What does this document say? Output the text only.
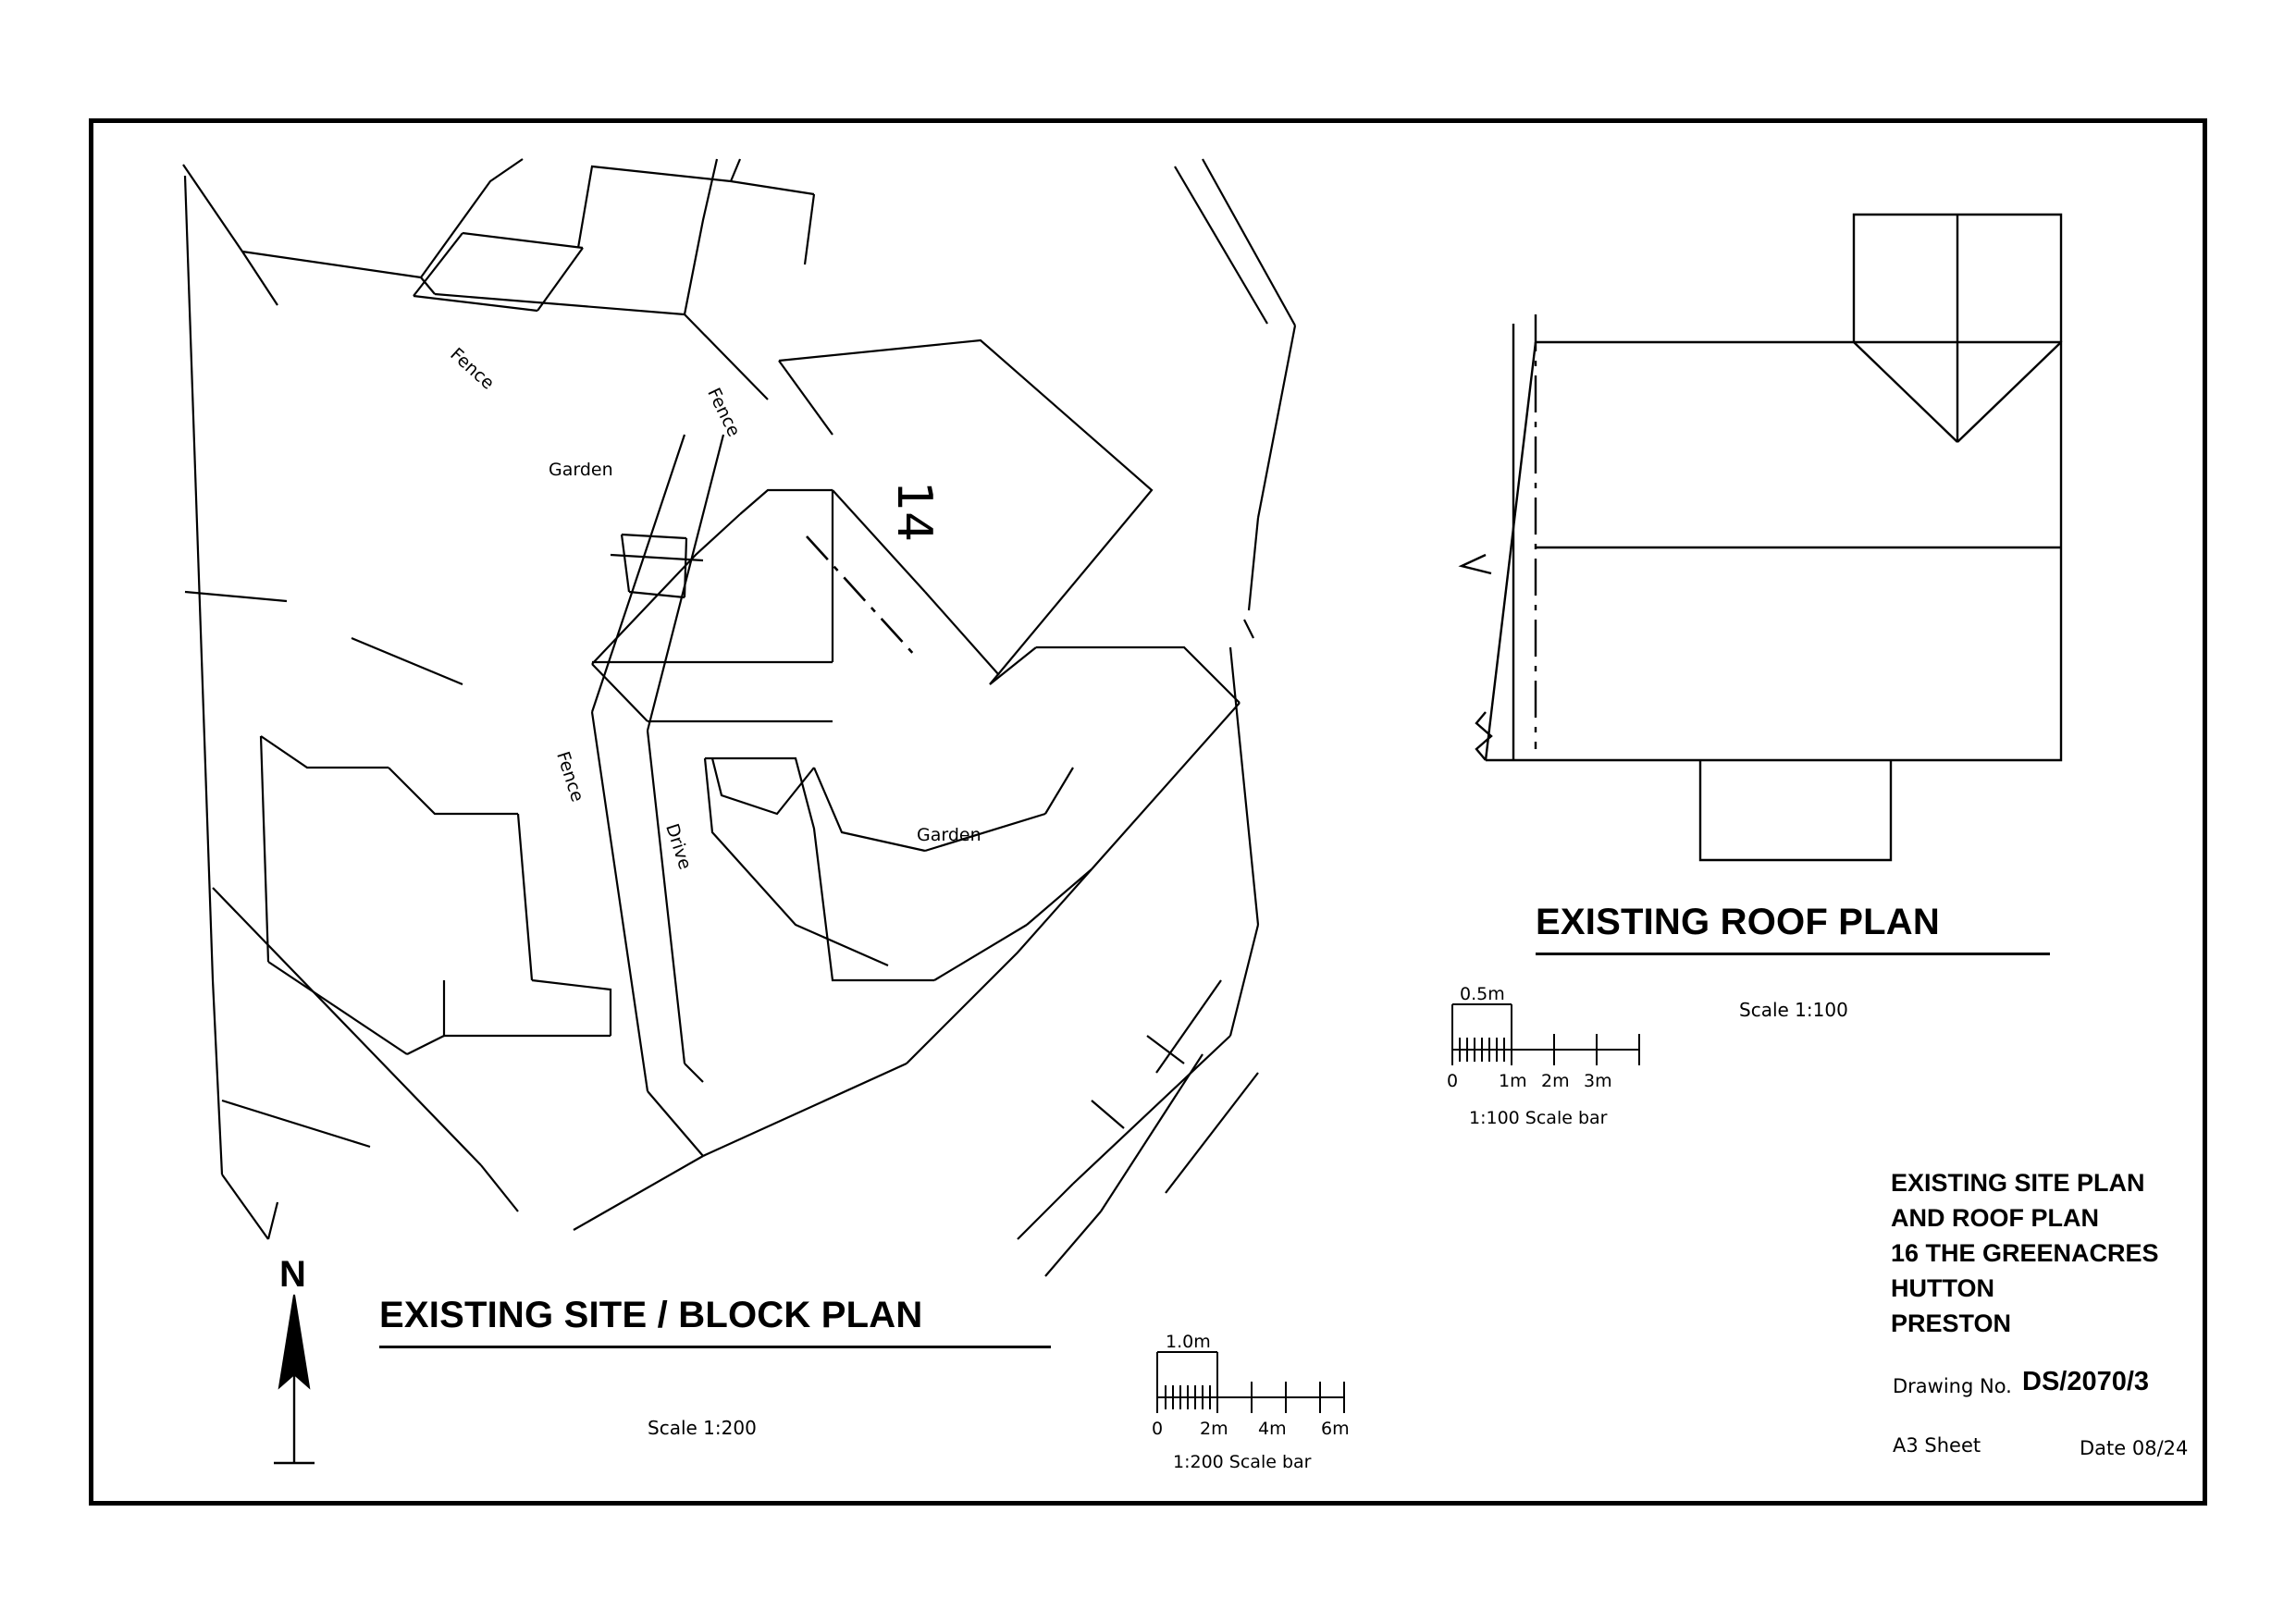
N
Garden
Garden
Fence
Fence
Fence
Drive
14
EXISTING SITE / BLOCK PLAN
Scale 1:200
1.0m
0 2m 4m 6m
1:200 Scale bar
EXISTING ROOF PLAN
Scale 1:100
0.5m
0 1m 2m 3m
1:100 Scale bar
EXISTING SITE PLAN
AND ROOF PLAN
16 THE GREENACRES
HUTTON
PRESTON
Drawing No. DS/2070/3
A3 Sheet	Date 08/24
